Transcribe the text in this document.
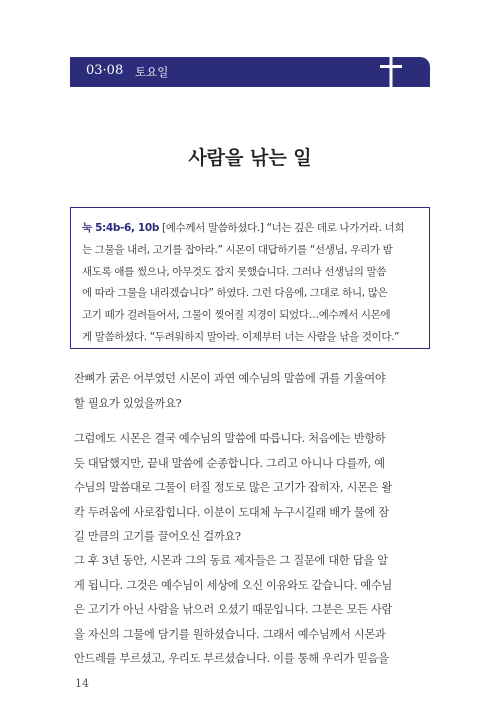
03·08 토요일
사람을 낚는 일
눅 5:4b-6, 10b [예수께서 말씀하셨다.] “너는 깊은 데로 나가거라. 너희
는 그물을 내려, 고기를 잡아라.” 시몬이 대답하기를 “선생님, 우리가 밤
새도록 애를 썼으나, 아무것도 잡지 못했습니다. 그러나 선생님의 말씀
에 따라 그물을 내리겠습니다” 하였다. 그런 다음에, 그대로 하니, 많은
고기 떼가 걸려들어서, 그물이 찢어질 지경이 되었다…예수께서 시몬에
게 말씀하셨다. “두려워하지 말아라. 이제부터 너는 사람을 낚을 것이다.”
잔뼈가 굵은 어부였던 시몬이 과연 예수님의 말씀에 귀를 기울여야
할 필요가 있었을까요?
그럼에도 시몬은 결국 예수님의 말씀에 따릅니다. 처음에는 반항하
듯 대답했지만, 끝내 말씀에 순종합니다. 그리고 아니나 다를까, 예
수님의 말씀대로 그물이 터질 정도로 많은 고기가 잡히자, 시몬은 왈
칵 두려움에 사로잡힙니다. 이분이 도대체 누구시길래 배가 물에 잠
길 만큼의 고기를 끌어오신 걸까요?
그 후 3년 동안, 시몬과 그의 동료 제자들은 그 질문에 대한 답을 알
게 됩니다. 그것은 예수님이 세상에 오신 이유와도 같습니다. 예수님
은 고기가 아닌 사람을 낚으러 오셨기 때문입니다. 그분은 모든 사람
을 자신의 그물에 담기를 원하셨습니다. 그래서 예수님께서 시몬과
안드레를 부르셨고, 우리도 부르셨습니다. 이를 통해 우리가 믿음을
14
